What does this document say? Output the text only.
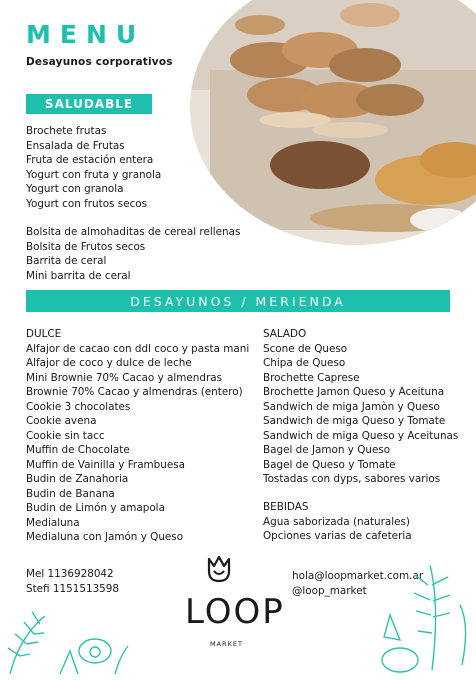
MENU
Desayunos corporativos
SALUDABLE
Brochete frutas
Ensalada de Frutas
Fruta de estación entera
Yogurt con fruta y granola
Yogurt con granola
Yogurt con frutos secos
Bolsita de almohaditas de cereal rellenas
Bolsita de Frutos secos
Barrita de ceral
Mini barrita de ceral
DESAYUNOS / MERIENDA
DULCE
Alfajor de cacao con ddl coco y pasta mani
Alfajor de coco y dulce de leche
Mini Brownie 70% Cacao y almendras
Brownie 70% Cacao y almendras (entero)
Cookie 3 chocolates
Cookie avena
Cookie sin tacc
Muffin de Chocolate
Muffin de Vainilla y Frambuesa
Budin de Zanahoria
Budin de Banana
Budin de Limón y amapola
Medialuna
Medialuna con Jamón y Queso
SALADO
Scone de Queso
Chipa de Queso
Brochette Caprese
Brochette Jamon Queso y Aceituna
Sandwich de miga Jamòn y Queso
Sandwich de miga Queso y Tomate
Sandwich de miga Queso y Aceitunas
Bagel de Jamon y Queso
Bagel de Queso y Tomate
Tostadas con dyps, sabores varios
BEBIDAS
Agua saborizada (naturales)
Opciones varias de cafeteria
Mel 1136928042
Stefi 1151513598
hola@loopmarket.com.ar
@loop_market
LOOP
MARKET
